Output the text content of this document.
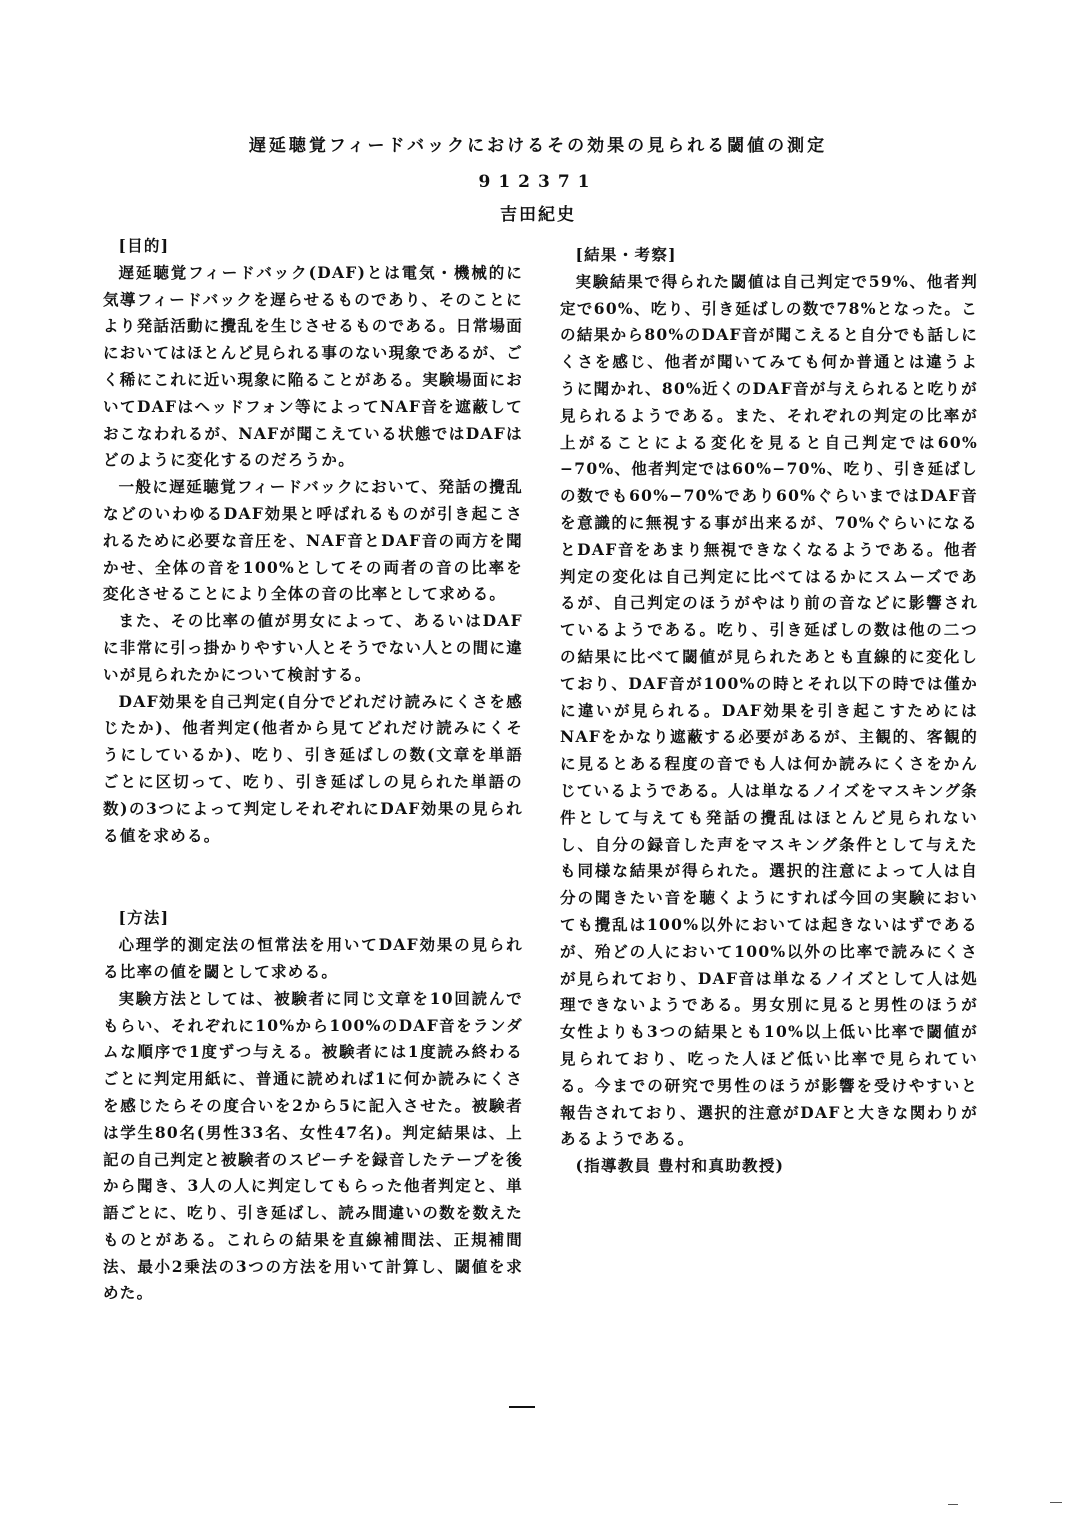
遅延聴覚フィードバックにおけるその効果の見られる閾値の測定
912371
吉田紀史
[目的]

遅延聴覚フィードバック(DAF)とは電気・機械的に気導フィードバックを遅らせるものであり、そのことにより発話活動に攪乱を生じさせるものである。日常場面においてはほとんど見られる事のない現象であるが、ごく稀にこれに近い現象に陥ることがある。実験場面においてDAFはヘッドフォン等によってNAF音を遮蔽しておこなわれるが、NAFが聞こえている状態ではDAFはどのように変化するのだろうか。

一般に遅延聴覚フィードバックにおいて、発話の攪乱などのいわゆるDAF効果と呼ばれるものが引き起こされるために必要な音圧を、NAF音とDAF音の両方を聞かせ、全体の音を100%としてその両者の音の比率を変化させることにより全体の音の比率として求める。

また、その比率の値が男女によって、あるいはDAFに非常に引っ掛かりやすい人とそうでない人との間に違いが見られたかについて検討する。

DAF効果を自己判定(自分でどれだけ読みにくさを感じたか)、他者判定(他者から見てどれだけ読みにくそうにしているか)、吃り、引き延ばしの数(文章を単語ごとに区切って、吃り、引き延ばしの見られた単語の数)の3つによって判定しそれぞれにDAF効果の見られる値を求める。

[方法]

心理学的測定法の恒常法を用いてDAF効果の見られる比率の値を閾として求める。

実験方法としては、被験者に同じ文章を10回読んでもらい、それぞれに10%から100%のDAF音をランダムな順序で1度ずつ与える。被験者には1度読み終わるごとに判定用紙に、普通に読めれば1に何か読みにくさを感じたらその度合いを2から5に記入させた。被験者は学生80名(男性33名、女性47名)。判定結果は、上記の自己判定と被験者のスピーチを録音したテープを後から聞き、3人の人に判定してもらった他者判定と、単語ごとに、吃り、引き延ばし、読み間違いの数を数えたものとがある。これらの結果を直線補間法、正規補間法、最小2乗法の3つの方法を用いて計算し、閾値を求めた。

[結果・考察]

実験結果で得られた閾値は自己判定で59%、他者判定で60%、吃り、引き延ばしの数で78%となった。この結果から80%のDAF音が聞こえると自分でも話しにくさを感じ、他者が聞いてみても何か普通とは違うように聞かれ、80%近くのDAF音が与えられると吃りが見られるようである。また、それぞれの判定の比率が上がることによる変化を見ると自己判定では60%−70%、他者判定では60%−70%、吃り、引き延ばしの数でも60%−70%であり60%ぐらいまではDAF音を意識的に無視する事が出来るが、70%ぐらいになるとDAF音をあまり無視できなくなるようである。他者判定の変化は自己判定に比べてはるかにスムーズであるが、自己判定のほうがやはり前の音などに影響されているようである。吃り、引き延ばしの数は他の二つの結果に比べて閾値が見られたあとも直線的に変化しており、DAF音が100%の時とそれ以下の時では僅かに違いが見られる。DAF効果を引き起こすためにはNAFをかなり遮蔽する必要があるが、主観的、客観的に見るとある程度の音でも人は何か読みにくさをかんじているようである。人は単なるノイズをマスキング条件として与えても発話の攪乱はほとんど見られないし、自分の録音した声をマスキング条件として与えたも同様な結果が得られた。選択的注意によって人は自分の聞きたい音を聴くようにすれば今回の実験においても攪乱は100%以外においては起きないはずであるが、殆どの人において100%以外の比率で読みにくさが見られており、DAF音は単なるノイズとして人は処理できないようである。男女別に見ると男性のほうが女性よりも3つの結果とも10%以上低い比率で閾値が見られており、吃った人ほど低い比率で見られている。今までの研究で男性のほうが影響を受けやすいと報告されており、選択的注意がDAFと大きな関わりがあるようである。

(指導教員 豊村和真助教授)
